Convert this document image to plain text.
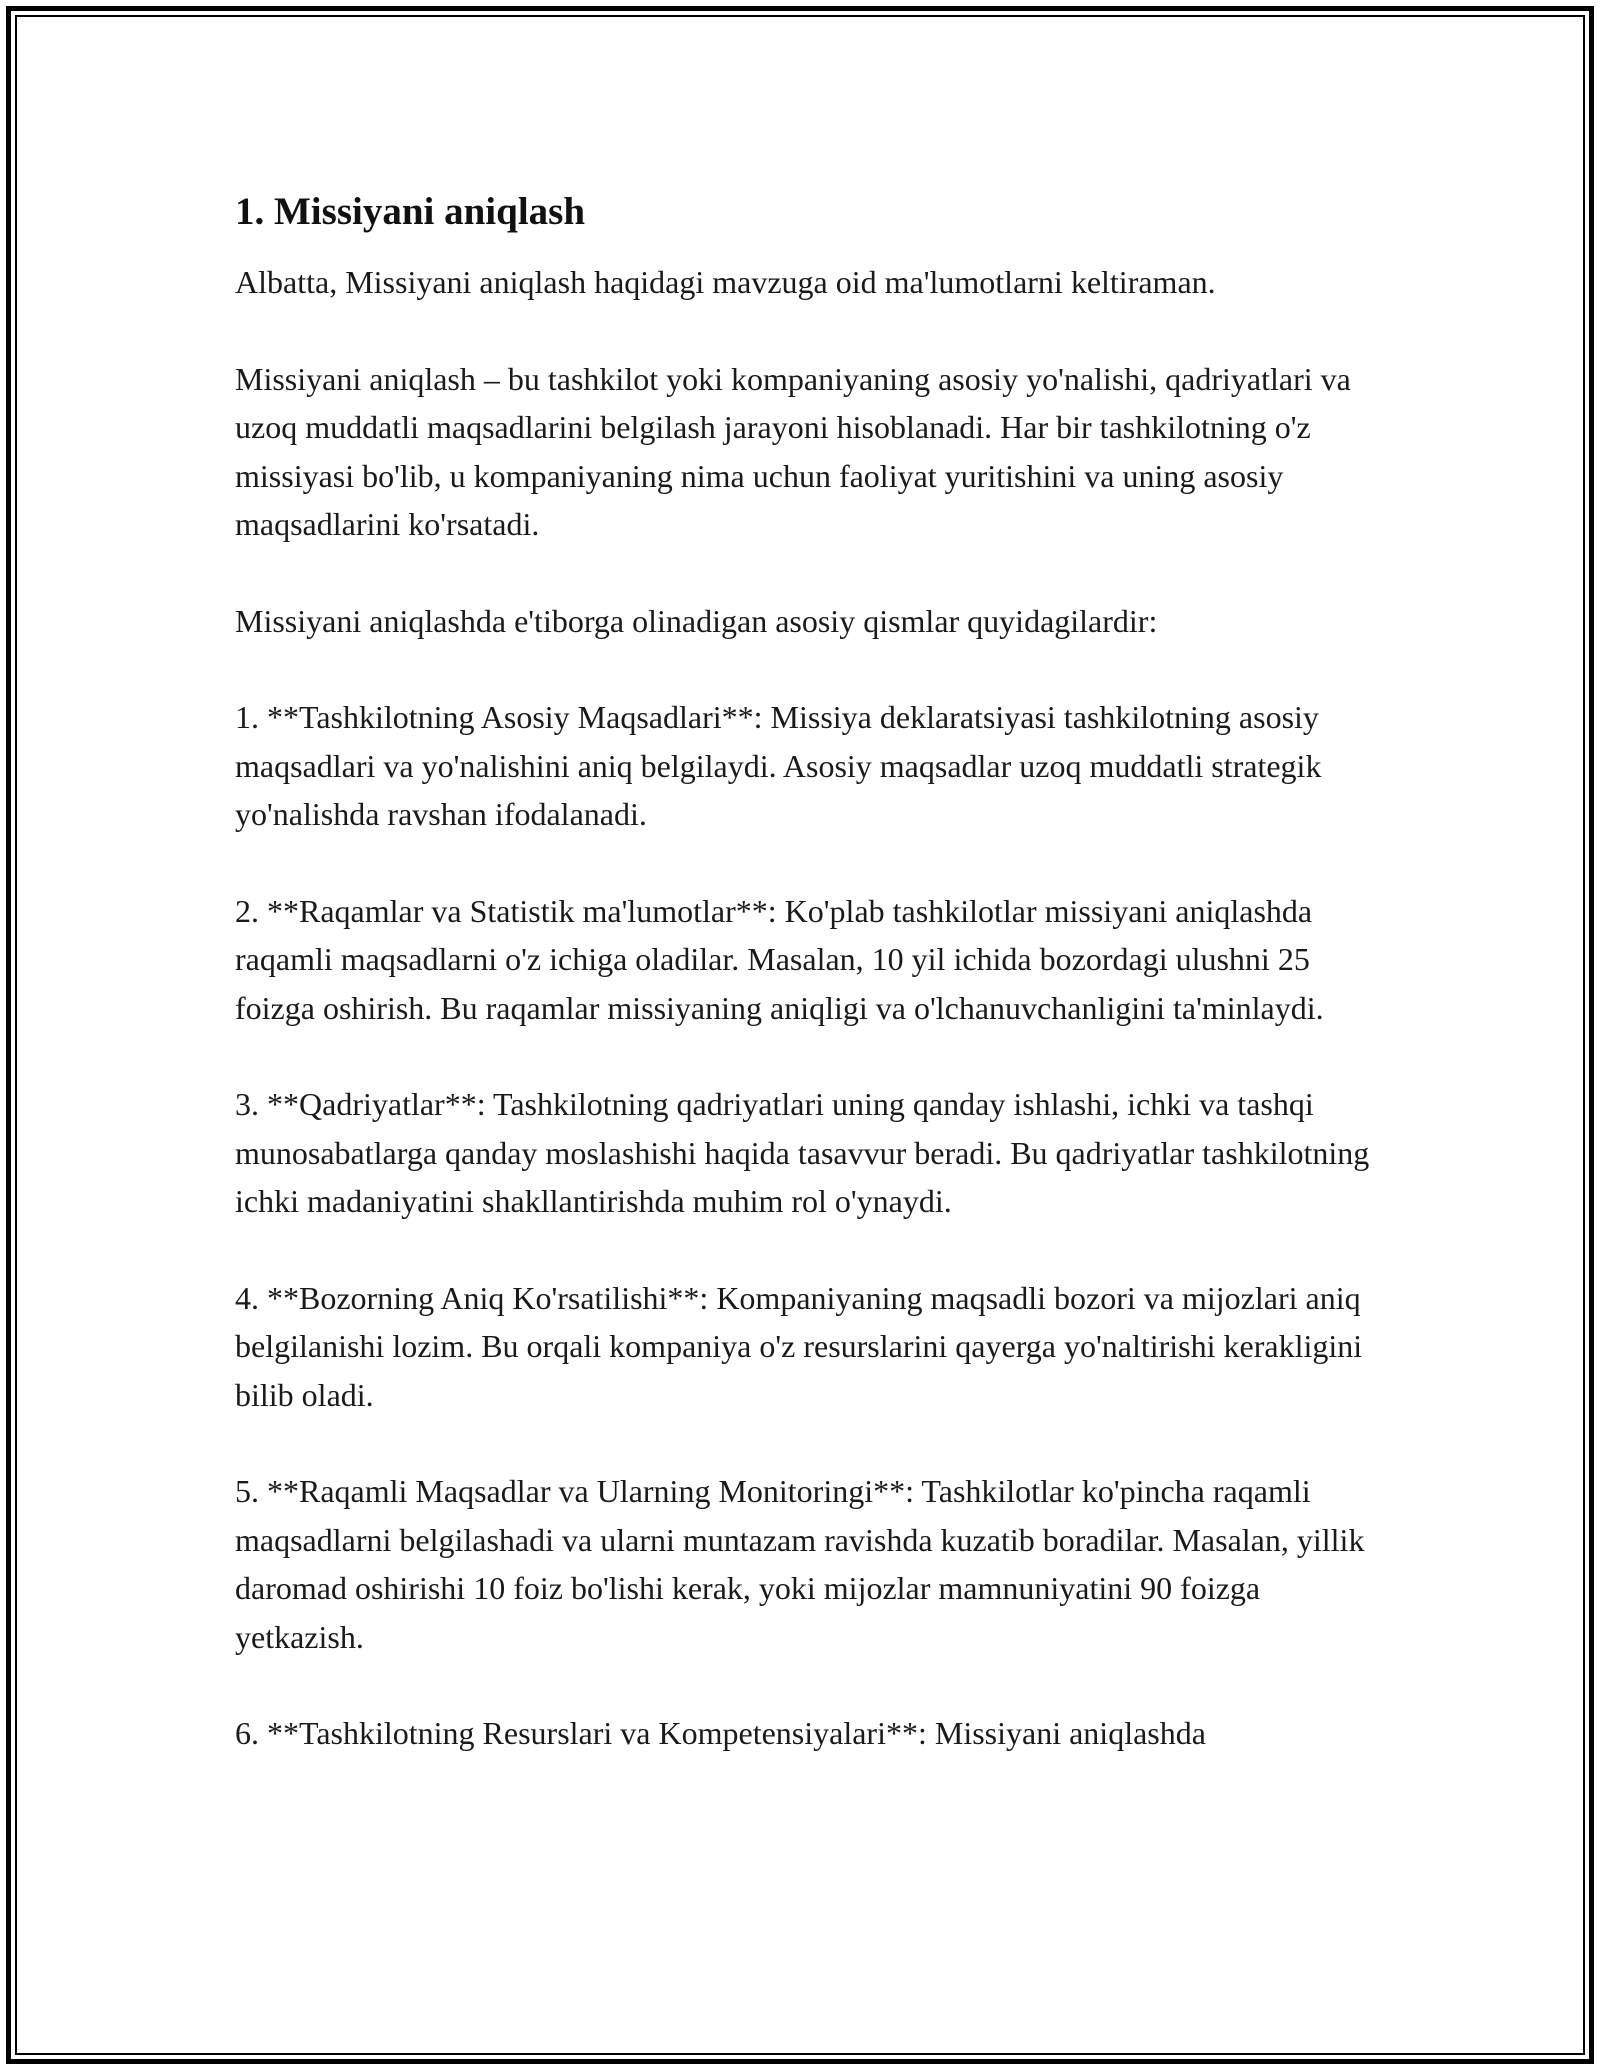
1. Missiyani aniqlash

Albatta, Missiyani aniqlash haqidagi mavzuga oid ma'lumotlarni keltiraman.

Missiyani aniqlash – bu tashkilot yoki kompaniyaning asosiy yo'nalishi, qadriyatlari va uzoq muddatli maqsadlarini belgilash jarayoni hisoblanadi. Har bir tashkilotning o'z missiyasi bo'lib, u kompaniyaning nima uchun faoliyat yuritishini va uning asosiy maqsadlarini ko'rsatadi.

Missiyani aniqlashda e'tiborga olinadigan asosiy qismlar quyidagilardir:

1. **Tashkilotning Asosiy Maqsadlari**: Missiya deklaratsiyasi tashkilotning asosiy maqsadlari va yo'nalishini aniq belgilaydi. Asosiy maqsadlar uzoq muddatli strategik yo'nalishda ravshan ifodalanadi.

2. **Raqamlar va Statistik ma'lumotlar**: Ko'plab tashkilotlar missiyani aniqlashda raqamli maqsadlarni o'z ichiga oladilar. Masalan, 10 yil ichida bozordagi ulushni 25 foizga oshirish. Bu raqamlar missiyaning aniqligi va o'lchanuvchanligini ta'minlaydi.

3. **Qadriyatlar**: Tashkilotning qadriyatlari uning qanday ishlashi, ichki va tashqi munosabatlarga qanday moslashishi haqida tasavvur beradi. Bu qadriyatlar tashkilotning ichki madaniyatini shakllantirishda muhim rol o'ynaydi.

4. **Bozorning Aniq Ko'rsatilishi**: Kompaniyaning maqsadli bozori va mijozlari aniq belgilanishi lozim. Bu orqali kompaniya o'z resurslarini qayerga yo'naltirishi kerakligini bilib oladi.

5. **Raqamli Maqsadlar va Ularning Monitoringi**: Tashkilotlar ko'pincha raqamli maqsadlarni belgilashadi va ularni muntazam ravishda kuzatib boradilar. Masalan, yillik daromad oshirishi 10 foiz bo'lishi kerak, yoki mijozlar mamnuniyatini 90 foizga yetkazish.

6. **Tashkilotning Resurslari va Kompetensiyalari**: Missiyani aniqlashda
